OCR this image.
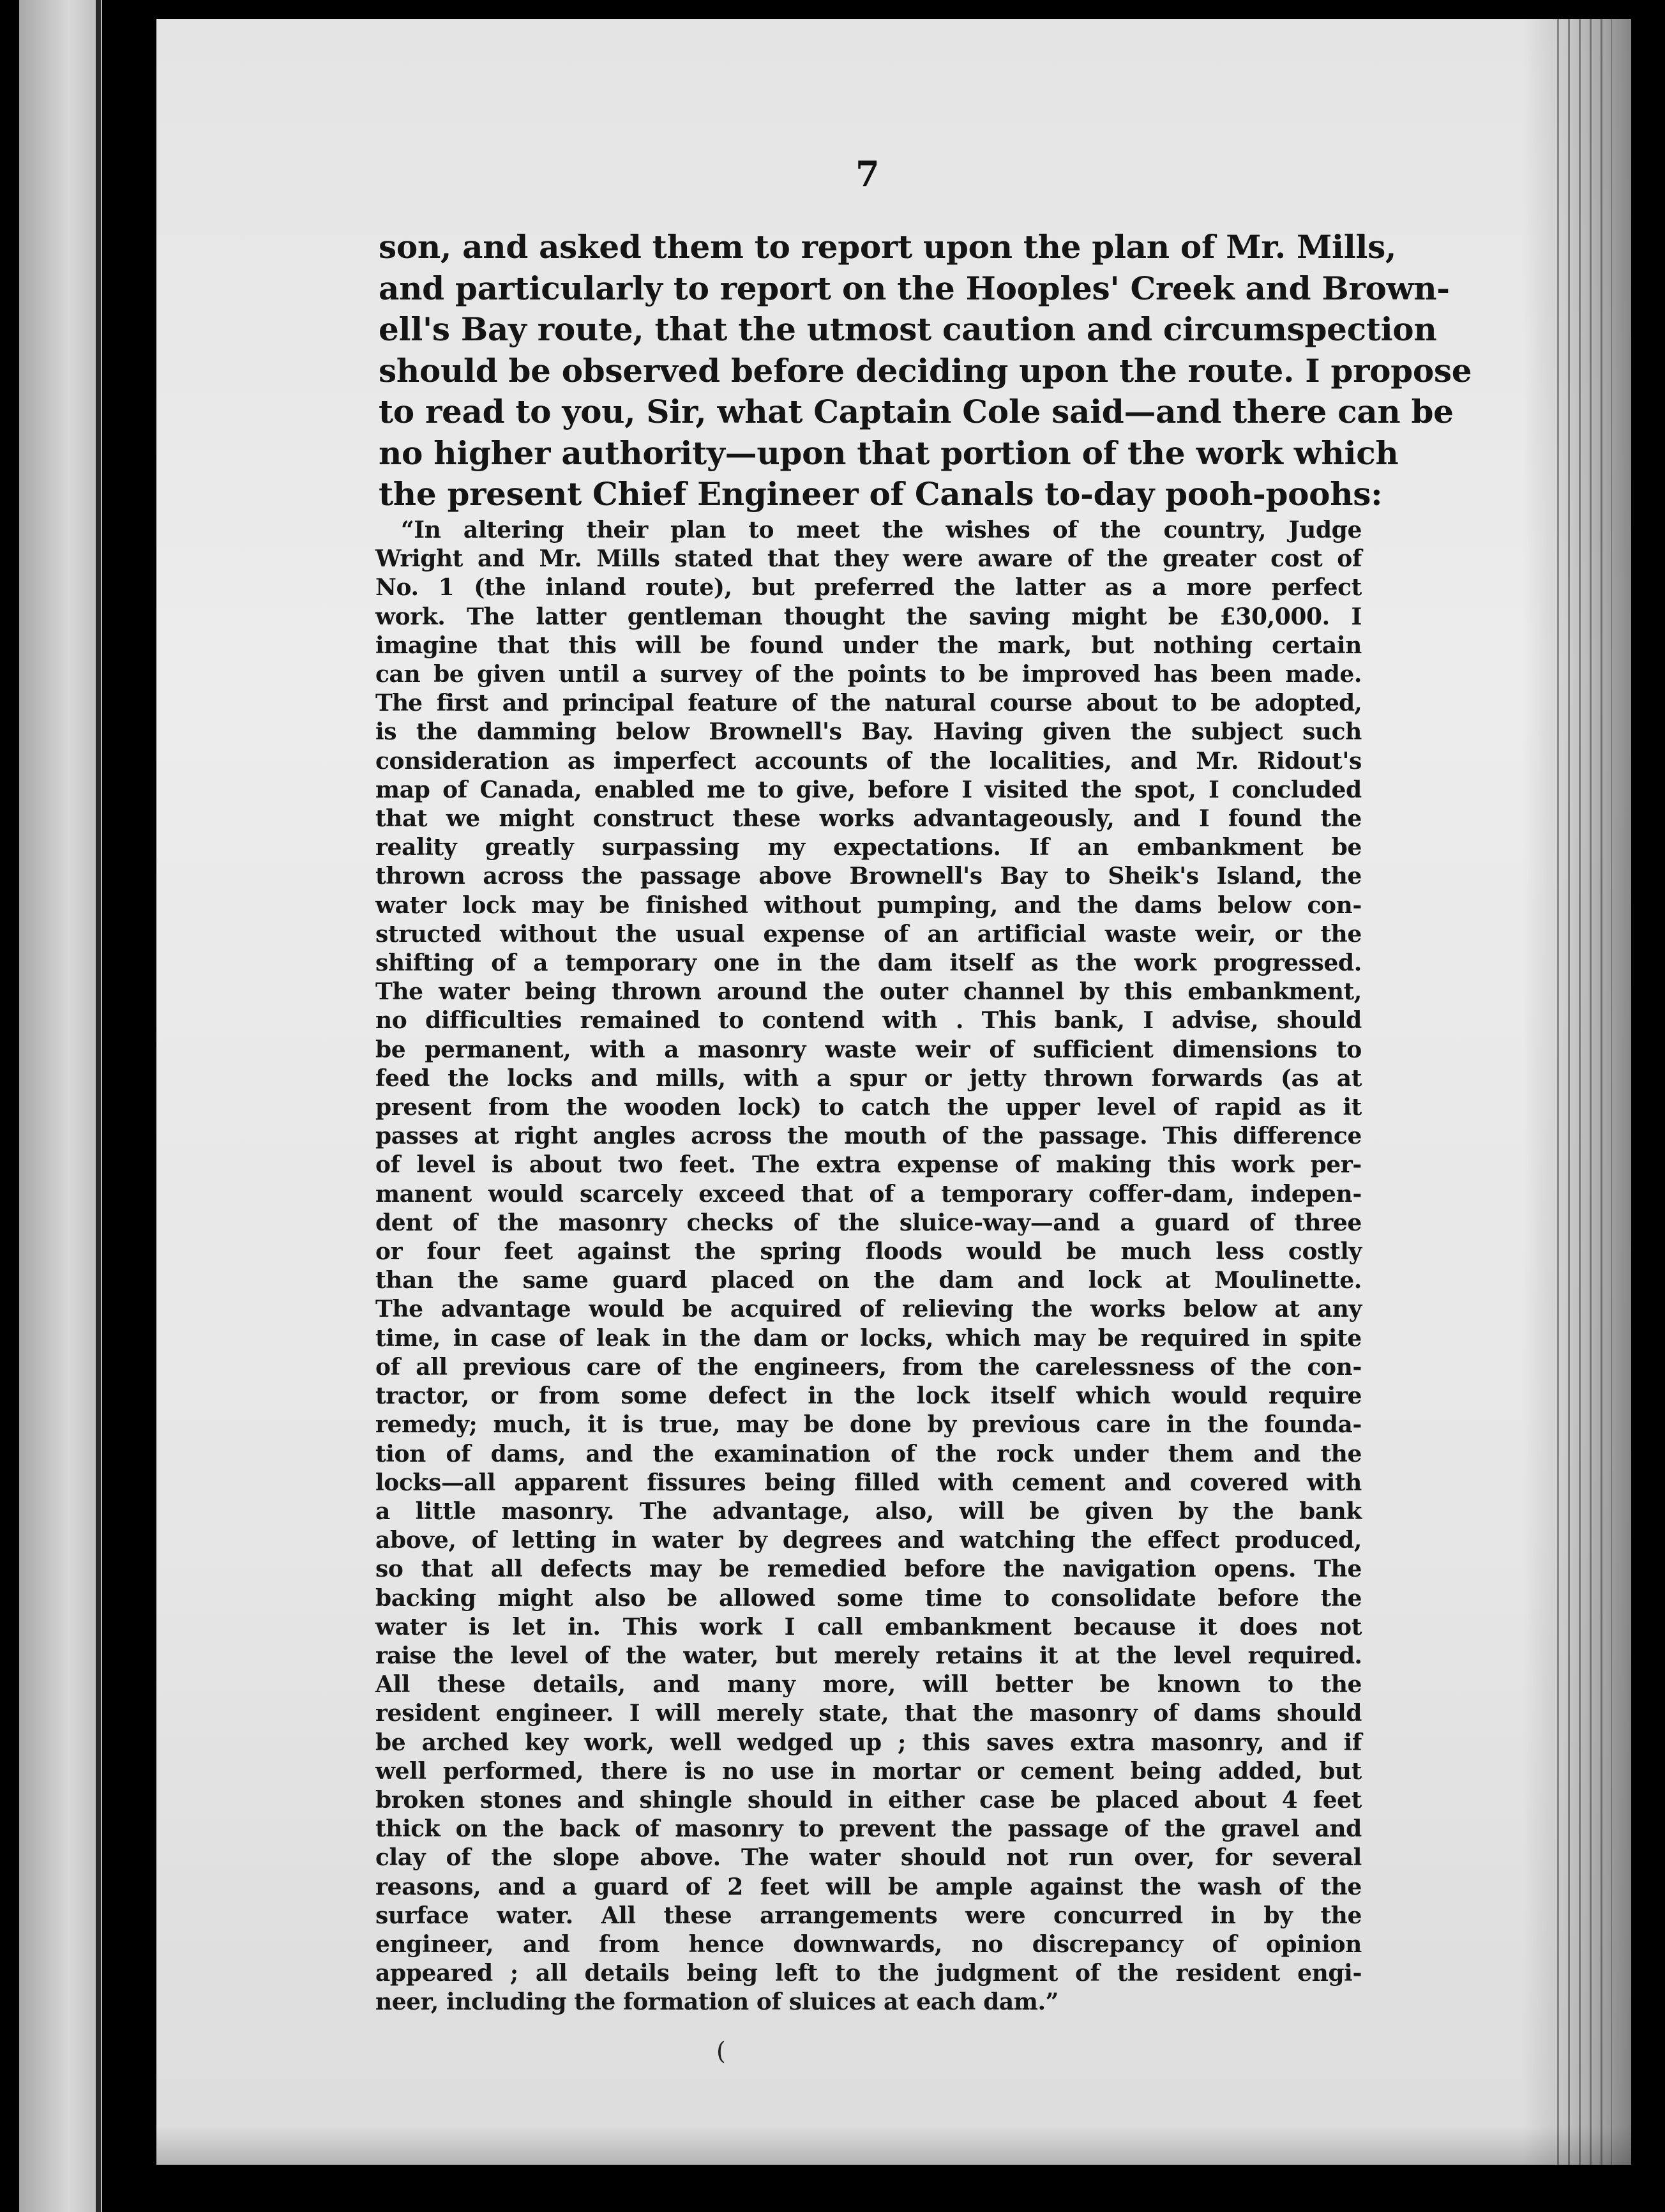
7
son, and asked them to report upon the plan of Mr. Mills,
and particularly to report on the Hooples' Creek and Brown-
ell's Bay route, that the utmost caution and circumspection
should be observed before deciding upon the route. I propose
to read to you, Sir, what Captain Cole said—and there can be
no higher authority—upon that portion of the work which
the present Chief Engineer of Canals to-day pooh-poohs:
“In altering their plan to meet the wishes of the country, Judge
Wright and Mr. Mills stated that they were aware of the greater cost of
No. 1 (the inland route), but preferred the latter as a more perfect
work. The latter gentleman thought the saving might be £30,000. I
imagine that this will be found under the mark, but nothing certain
can be given until a survey of the points to be improved has been made.
The first and principal feature of the natural course about to be adopted,
is the damming below Brownell's Bay. Having given the subject such
consideration as imperfect accounts of the localities, and Mr. Ridout's
map of Canada, enabled me to give, before I visited the spot, I concluded
that we might construct these works advantageously, and I found the
reality greatly surpassing my expectations. If an embankment be
thrown across the passage above Brownell's Bay to Sheik's Island, the
water lock may be finished without pumping, and the dams below con-
structed without the usual expense of an artificial waste weir, or the
shifting of a temporary one in the dam itself as the work progressed.
The water being thrown around the outer channel by this embankment,
no difficulties remained to contend with . This bank, I advise, should
be permanent, with a masonry waste weir of sufficient dimensions to
feed the locks and mills, with a spur or jetty thrown forwards (as at
present from the wooden lock) to catch the upper level of rapid as it
passes at right angles across the mouth of the passage. This difference
of level is about two feet. The extra expense of making this work per-
manent would scarcely exceed that of a temporary coffer-dam, indepen-
dent of the masonry checks of the sluice-way—and a guard of three
or four feet against the spring floods would be much less costly
than the same guard placed on the dam and lock at Moulinette.
The advantage would be acquired of relieving the works below at any
time, in case of leak in the dam or locks, which may be required in spite
of all previous care of the engineers, from the carelessness of the con-
tractor, or from some defect in the lock itself which would require
remedy; much, it is true, may be done by previous care in the founda-
tion of dams, and the examination of the rock under them and the
locks—all apparent fissures being filled with cement and covered with
a little masonry. The advantage, also, will be given by the bank
above, of letting in water by degrees and watching the effect produced,
so that all defects may be remedied before the navigation opens. The
backing might also be allowed some time to consolidate before the
water is let in. This work I call embankment because it does not
raise the level of the water, but merely retains it at the level required.
All these details, and many more, will better be known to the
resident engineer. I will merely state, that the masonry of dams should
be arched key work, well wedged up ; this saves extra masonry, and if
well performed, there is no use in mortar or cement being added, but
broken stones and shingle should in either case be placed about 4 feet
thick on the back of masonry to prevent the passage of the gravel and
clay of the slope above. The water should not run over, for several
reasons, and a guard of 2 feet will be ample against the wash of the
surface water. All these arrangements were concurred in by the
engineer, and from hence downwards, no discrepancy of opinion
appeared ; all details being left to the judgment of the resident engi-
neer, including the formation of sluices at each dam.”
(
